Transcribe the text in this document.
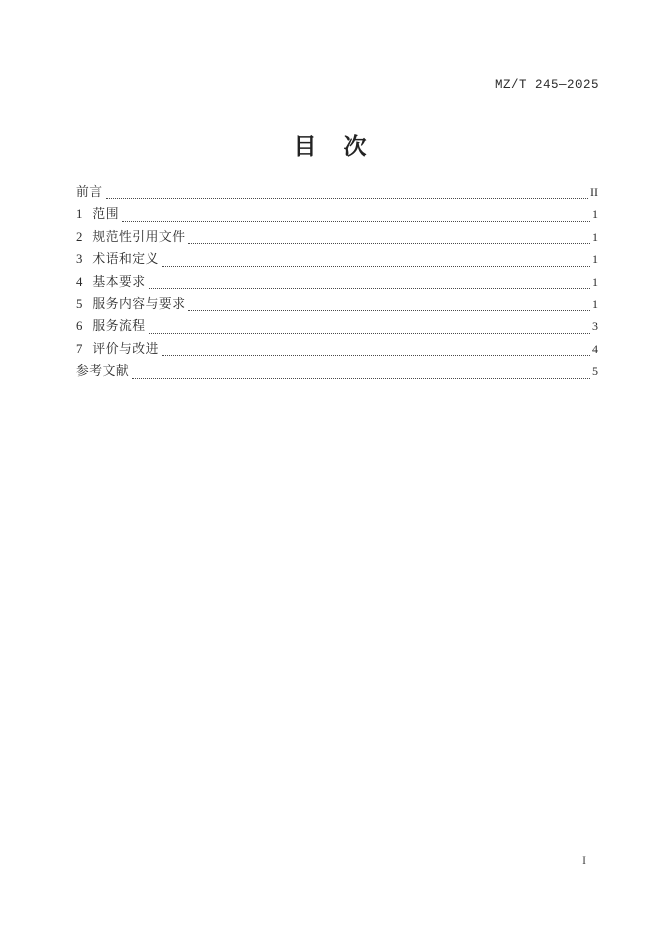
MZ/T 245—2025
目　次
前言	II
1 范围	1
2 规范性引用文件	1
3 术语和定义	1
4 基本要求	1
5 服务内容与要求	1
6 服务流程	3
7 评价与改进	4
参考文献	5
I
